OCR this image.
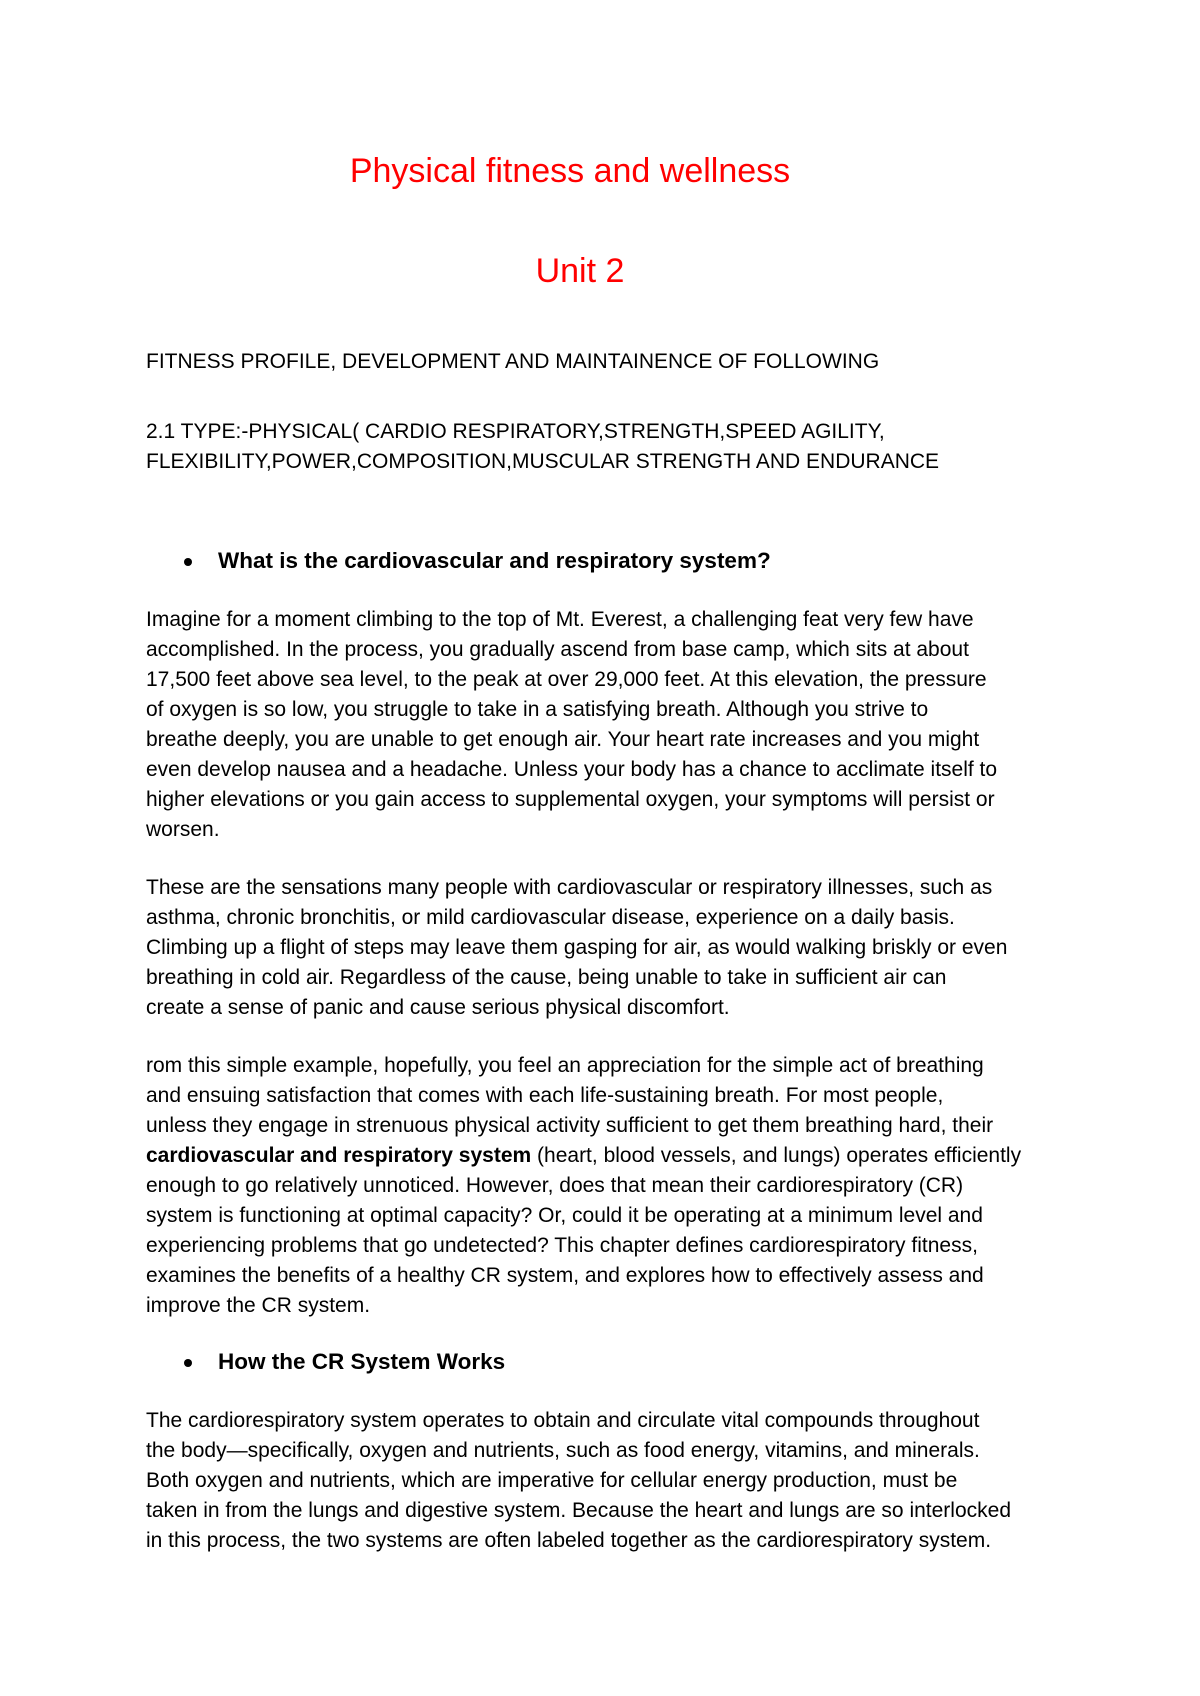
Physical fitness and wellness
Unit 2

FITNESS PROFILE, DEVELOPMENT AND MAINTAINENCE OF FOLLOWING

2.1 TYPE:-PHYSICAL( CARDIO RESPIRATORY,STRENGTH,SPEED AGILITY,
FLEXIBILITY,POWER,COMPOSITION,MUSCULAR STRENGTH AND ENDURANCE

What is the cardiovascular and respiratory system?
Imagine for a moment climbing to the top of Mt. Everest, a challenging feat very few have
accomplished. In the process, you gradually ascend from base camp, which sits at about
17,500 feet above sea level, to the peak at over 29,000 feet. At this elevation, the pressure
of oxygen is so low, you struggle to take in a satisfying breath. Although you strive to
breathe deeply, you are unable to get enough air. Your heart rate increases and you might
even develop nausea and a headache. Unless your body has a chance to acclimate itself to
higher elevations or you gain access to supplemental oxygen, your symptoms will persist or
worsen.
These are the sensations many people with cardiovascular or respiratory illnesses, such as
asthma, chronic bronchitis, or mild cardiovascular disease, experience on a daily basis.
Climbing up a flight of steps may leave them gasping for air, as would walking briskly or even
breathing in cold air. Regardless of the cause, being unable to take in sufficient air can
create a sense of panic and cause serious physical discomfort.
rom this simple example, hopefully, you feel an appreciation for the simple act of breathing
and ensuing satisfaction that comes with each life-sustaining breath. For most people,
unless they engage in strenuous physical activity sufficient to get them breathing hard, their
cardiovascular and respiratory system (heart, blood vessels, and lungs) operates efficiently
enough to go relatively unnoticed. However, does that mean their cardiorespiratory (CR)
system is functioning at optimal capacity? Or, could it be operating at a minimum level and
experiencing problems that go undetected? This chapter defines cardiorespiratory fitness,
examines the benefits of a healthy CR system, and explores how to effectively assess and
improve the CR system.
How the CR System Works
The cardiorespiratory system operates to obtain and circulate vital compounds throughout
the body—specifically, oxygen and nutrients, such as food energy, vitamins, and minerals.
Both oxygen and nutrients, which are imperative for cellular energy production, must be
taken in from the lungs and digestive system. Because the heart and lungs are so interlocked
in this process, the two systems are often labeled together as the cardiorespiratory system.
